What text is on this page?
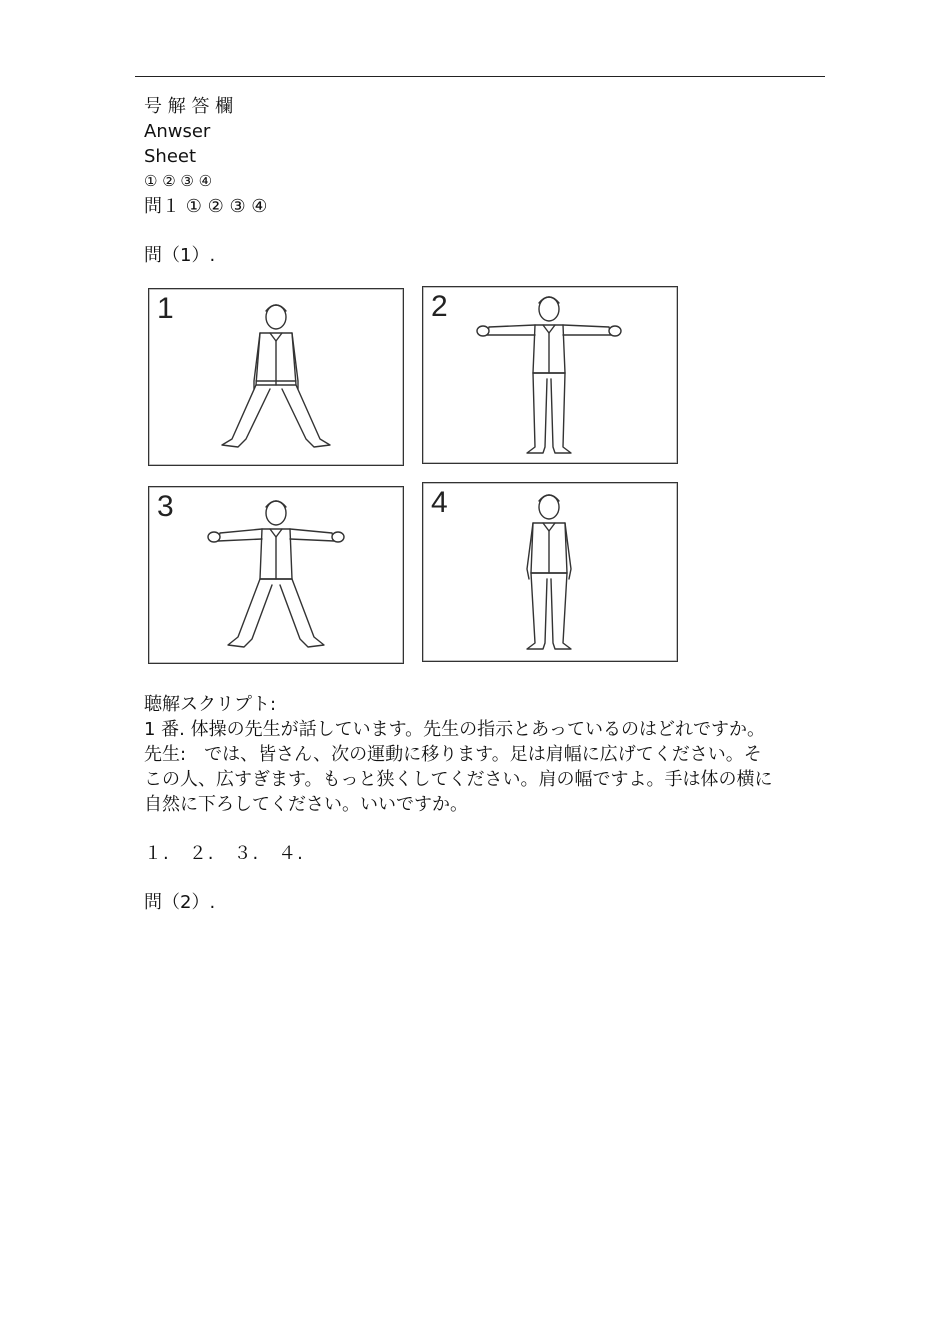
号 解 答 欄
Anwser
Sheet
① ② ③ ④
問１ ① ② ③ ④
問（1）.
1	2
3	4
聴解スクリプト:
1 番. 体操の先生が話しています。先生の指示とあっているのはどれですか。
先生:　では、皆さん、次の運動に移ります。足は肩幅に広げてください。そ
この人、広すぎます。もっと狭くしてください。肩の幅ですよ。手は体の横に
自然に下ろしてください。いいですか。
１.　２.　３.　４.
問（2）.
